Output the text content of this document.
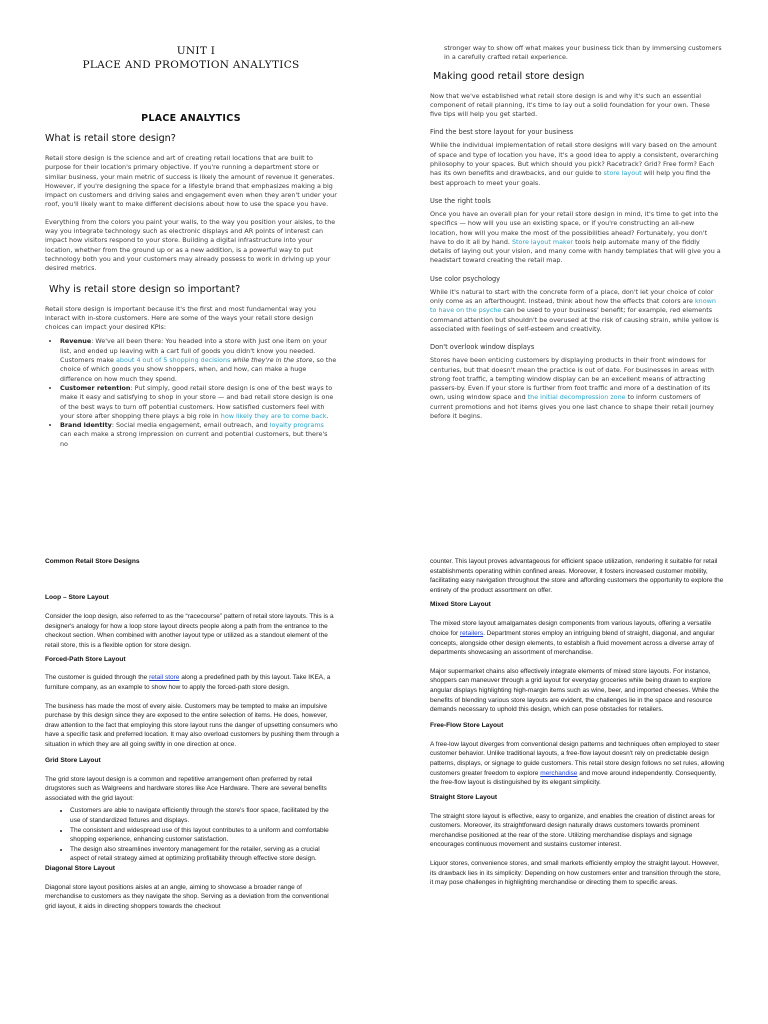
UNIT I

PLACE AND PROMOTION ANALYTICS

PLACE ANALYTICS

What is retail store design?

Retail store design is the science and art of creating retail locations that are built to purpose for their location's primary objective. If you're running a department store or similar business, your main metric of success is likely the amount of revenue it generates. However, if you're designing the space for a lifestyle brand that emphasizes making a big impact on customers and driving sales and engagement even when they aren't under your roof, you'll likely want to make different decisions about how to use the space you have.

Everything from the colors you paint your walls, to the way you position your aisles, to the way you integrate technology such as electronic displays and AR points of interest can impact how visitors respond to your store. Building a digital infrastructure into your location, whether from the ground up or as a new addition, is a powerful way to put technology both you and your customers may already possess to work in driving up your desired metrics.

Why is retail store design so important?

Retail store design is important because it's the first and most fundamental way you interact with in-store customers. Here are some of the ways your retail store design choices can impact your desired KPIs:

• Revenue: We've all been there: You headed into a store with just one item on your list, and ended up leaving with a cart full of goods you didn't know you needed. Customers make about 4 out of 5 shopping decisions while they're in the store, so the choice of which goods you show shoppers, when, and how, can make a huge difference on how much they spend.
• Customer retention: Put simply, good retail store design is one of the best ways to make it easy and satisfying to shop in your store — and bad retail store design is one of the best ways to turn off potential customers. How satisfied customers feel with your store after shopping there plays a big role in how likely they are to come back.
• Brand identity: Social media engagement, email outreach, and loyalty programs can each make a strong impression on current and potential customers, but there's no

stronger way to show off what makes your business tick than by immersing customers in a carefully crafted retail experience.

Making good retail store design

Now that we've established what retail store design is and why it's such an essential component of retail planning, it's time to lay out a solid foundation for your own. These five tips will help you get started.

Find the best store layout for your business

While the individual implementation of retail store designs will vary based on the amount of space and type of location you have, it's a good idea to apply a consistent, overarching philosophy to your spaces. But which should you pick? Racetrack? Grid? Free form? Each has its own benefits and drawbacks, and our guide to store layout will help you find the best approach to meet your goals.

Use the right tools

Once you have an overall plan for your retail store design in mind, it's time to get into the specifics — how will you use an existing space, or if you're constructing an all-new location, how will you make the most of the possibilities ahead? Fortunately, you don't have to do it all by hand. Store layout maker tools help automate many of the fiddly details of laying out your vision, and many come with handy templates that will give you a headstart toward creating the retail map.

Use color psychology

While it's natural to start with the concrete form of a place, don't let your choice of color only come as an afterthought. Instead, think about how the effects that colors are known to have on the psyche can be used to your business' benefit; for example, red elements command attention but shouldn't be overused at the risk of causing strain, while yellow is associated with feelings of self-esteem and creativity.

Don't overlook window displays

Stores have been enticing customers by displaying products in their front windows for centuries, but that doesn't mean the practice is out of date. For businesses in areas with strong foot traffic, a tempting window display can be an excellent means of attracting passers-by. Even if your store is further from foot traffic and more of a destination of its own, using window space and the initial decompression zone to inform customers of current promotions and hot items gives you one last chance to shape their retail journey before it begins.

Common Retail Store Designs

Loop – Store Layout

Consider the loop design, also referred to as the “racecourse” pattern of retail store layouts. This is a designer's analogy for how a loop store layout directs people along a path from the entrance to the checkout section. When combined with another layout type or utilized as a standout element of the retail store, this is a flexible option for store design.

Forced-Path Store Layout

The customer is guided through the retail store along a predefined path by this layout. Take IKEA, a furniture company, as an example to show how to apply the forced-path store design.

The business has made the most of every aisle. Customers may be tempted to make an impulsive purchase by this design since they are exposed to the entire selection of items. He does, however, draw attention to the fact that employing this store layout runs the danger of upsetting consumers who have a specific task and preferred location. It may also overload customers by pushing them through a situation in which they are all going swiftly in one direction at once.

Grid Store Layout

The grid store layout design is a common and repetitive arrangement often preferred by retail drugstores such as Walgreens and hardware stores like Ace Hardware. There are several benefits associated with the grid layout:

• Customers are able to navigate efficiently through the store's floor space, facilitated by the use of standardized fixtures and displays.
• The consistent and widespread use of this layout contributes to a uniform and comfortable shopping experience, enhancing customer satisfaction.
• The design also streamlines inventory management for the retailer, serving as a crucial aspect of retail strategy aimed at optimizing profitability through effective store design.

Diagonal Store Layout

Diagonal store layout positions aisles at an angle, aiming to showcase a broader range of merchandise to customers as they navigate the shop. Serving as a deviation from the conventional grid layout, it aids in directing shoppers towards the checkout

counter. This layout proves advantageous for efficient space utilization, rendering it suitable for retail establishments operating within confined areas. Moreover, it fosters increased customer mobility, facilitating easy navigation throughout the store and affording customers the opportunity to explore the entirety of the product assortment on offer.

Mixed Store Layout

The mixed store layout amalgamates design components from various layouts, offering a versatile choice for retailers. Department stores employ an intriguing blend of straight, diagonal, and angular concepts, alongside other design elements, to establish a fluid movement across a diverse array of departments showcasing an assortment of merchandise.

Major supermarket chains also effectively integrate elements of mixed store layouts. For instance, shoppers can maneuver through a grid layout for everyday groceries while being drawn to explore angular displays highlighting high-margin items such as wine, beer, and imported cheeses. While the benefits of blending various store layouts are evident, the challenges lie in the space and resource demands necessary to uphold this design, which can pose obstacles for retailers.

Free-Flow Store Layout

A free-low layout diverges from conventional design patterns and techniques often employed to steer customer behavior. Unlike traditional layouts, a free-flow layout doesn't rely on predictable design patterns, displays, or signage to guide customers. This retail store design follows no set rules, allowing customers greater freedom to explore merchandise and move around independently. Consequently, the free-flow layout is distinguished by its elegant simplicity.

Straight Store Layout

The straight store layout is effective, easy to organize, and enables the creation of distinct areas for customers. Moreover, its straightforward design naturally draws customers towards prominent merchandise positioned at the rear of the store. Utilizing merchandise displays and signage encourages continuous movement and sustains customer interest.

Liquor stores, convenience stores, and small markets efficiently employ the straight layout. However, its drawback lies in its simplicity: Depending on how customers enter and transition through the store, it may pose challenges in highlighting merchandise or directing them to specific areas.
